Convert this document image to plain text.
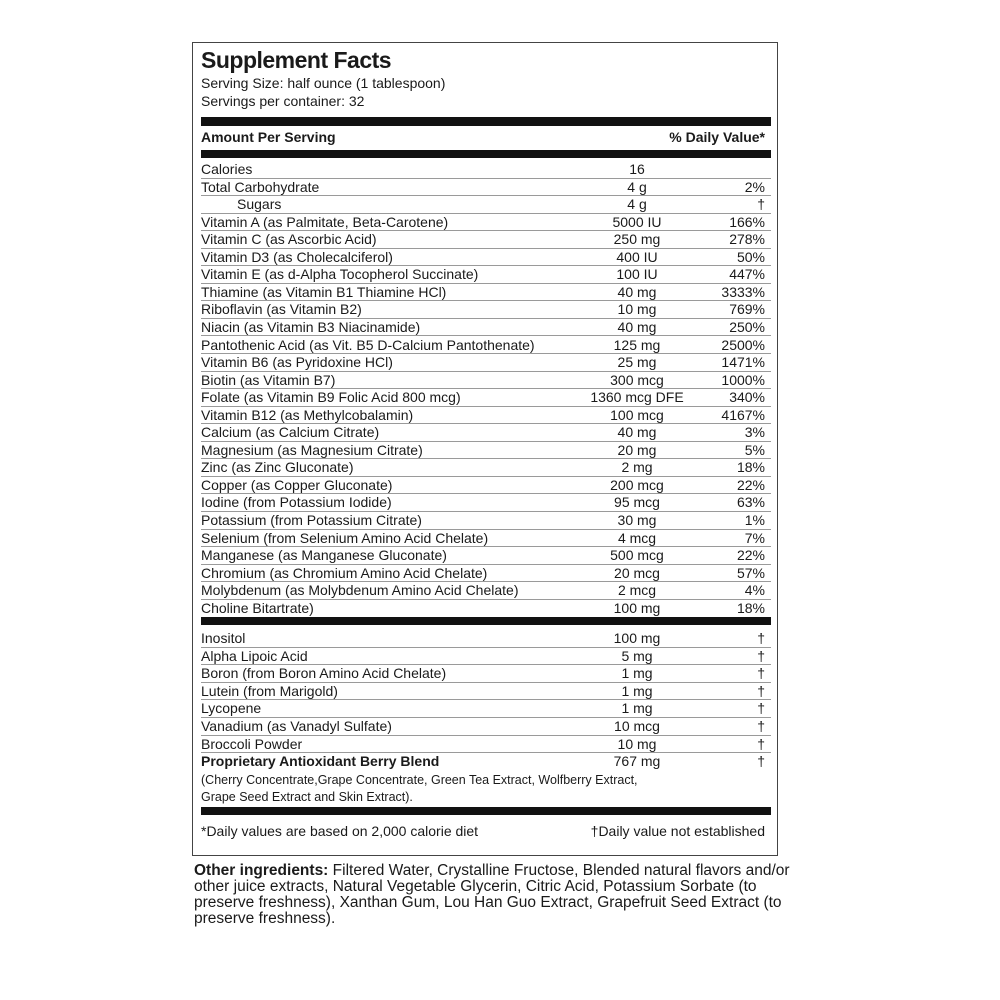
Supplement Facts
Serving Size: half ounce (1 tablespoon)
Servings per container: 32
Amount Per Serving	% Daily Value*
Calories	16
Total Carbohydrate	4 g	2%
Sugars	4 g	†
Vitamin A (as Palmitate, Beta-Carotene)	5000 IU	166%
Vitamin C (as Ascorbic Acid)	250 mg	278%
Vitamin D3 (as Cholecalciferol)	400 IU	50%
Vitamin E (as d-Alpha Tocopherol Succinate)	100 IU	447%
Thiamine (as Vitamin B1 Thiamine HCl)	40 mg	3333%
Riboflavin (as Vitamin B2)	10 mg	769%
Niacin (as Vitamin B3 Niacinamide)	40 mg	250%
Pantothenic Acid (as Vit. B5 D-Calcium Pantothenate)	125 mg	2500%
Vitamin B6 (as Pyridoxine HCl)	25 mg	1471%
Biotin (as Vitamin B7)	300 mcg	1000%
Folate (as Vitamin B9 Folic Acid 800 mcg)	1360 mcg DFE	340%
Vitamin B12 (as Methylcobalamin)	100 mcg	4167%
Calcium (as Calcium Citrate)	40 mg	3%
Magnesium (as Magnesium Citrate)	20 mg	5%
Zinc (as Zinc Gluconate)	2 mg	18%
Copper (as Copper Gluconate)	200 mcg	22%
Iodine (from Potassium Iodide)	95 mcg	63%
Potassium (from Potassium Citrate)	30 mg	1%
Selenium (from Selenium Amino Acid Chelate)	4 mcg	7%
Manganese (as Manganese Gluconate)	500 mcg	22%
Chromium (as Chromium Amino Acid Chelate)	20 mcg	57%
Molybdenum (as Molybdenum Amino Acid Chelate)	2 mcg	4%
Choline Bitartrate)	100 mg	18%
Inositol	100 mg	†
Alpha Lipoic Acid	5 mg	†
Boron (from Boron Amino Acid Chelate)	1 mg	†
Lutein (from Marigold)	1 mg	†
Lycopene	1 mg	†
Vanadium (as Vanadyl Sulfate)	10 mcg	†
Broccoli Powder	10 mg	†
Proprietary Antioxidant Berry Blend	767 mg	†
(Cherry Concentrate,Grape Concentrate, Green Tea Extract, Wolfberry Extract,
Grape Seed Extract and Skin Extract).
*Daily values are based on 2,000 calorie diet	†Daily value not established

Other ingredients: Filtered Water, Crystalline Fructose, Blended natural flavors and/or other juice extracts, Natural Vegetable Glycerin, Citric Acid, Potassium Sorbate (to preserve freshness), Xanthan Gum, Lou Han Guo Extract, Grapefruit Seed Extract (to preserve freshness).
